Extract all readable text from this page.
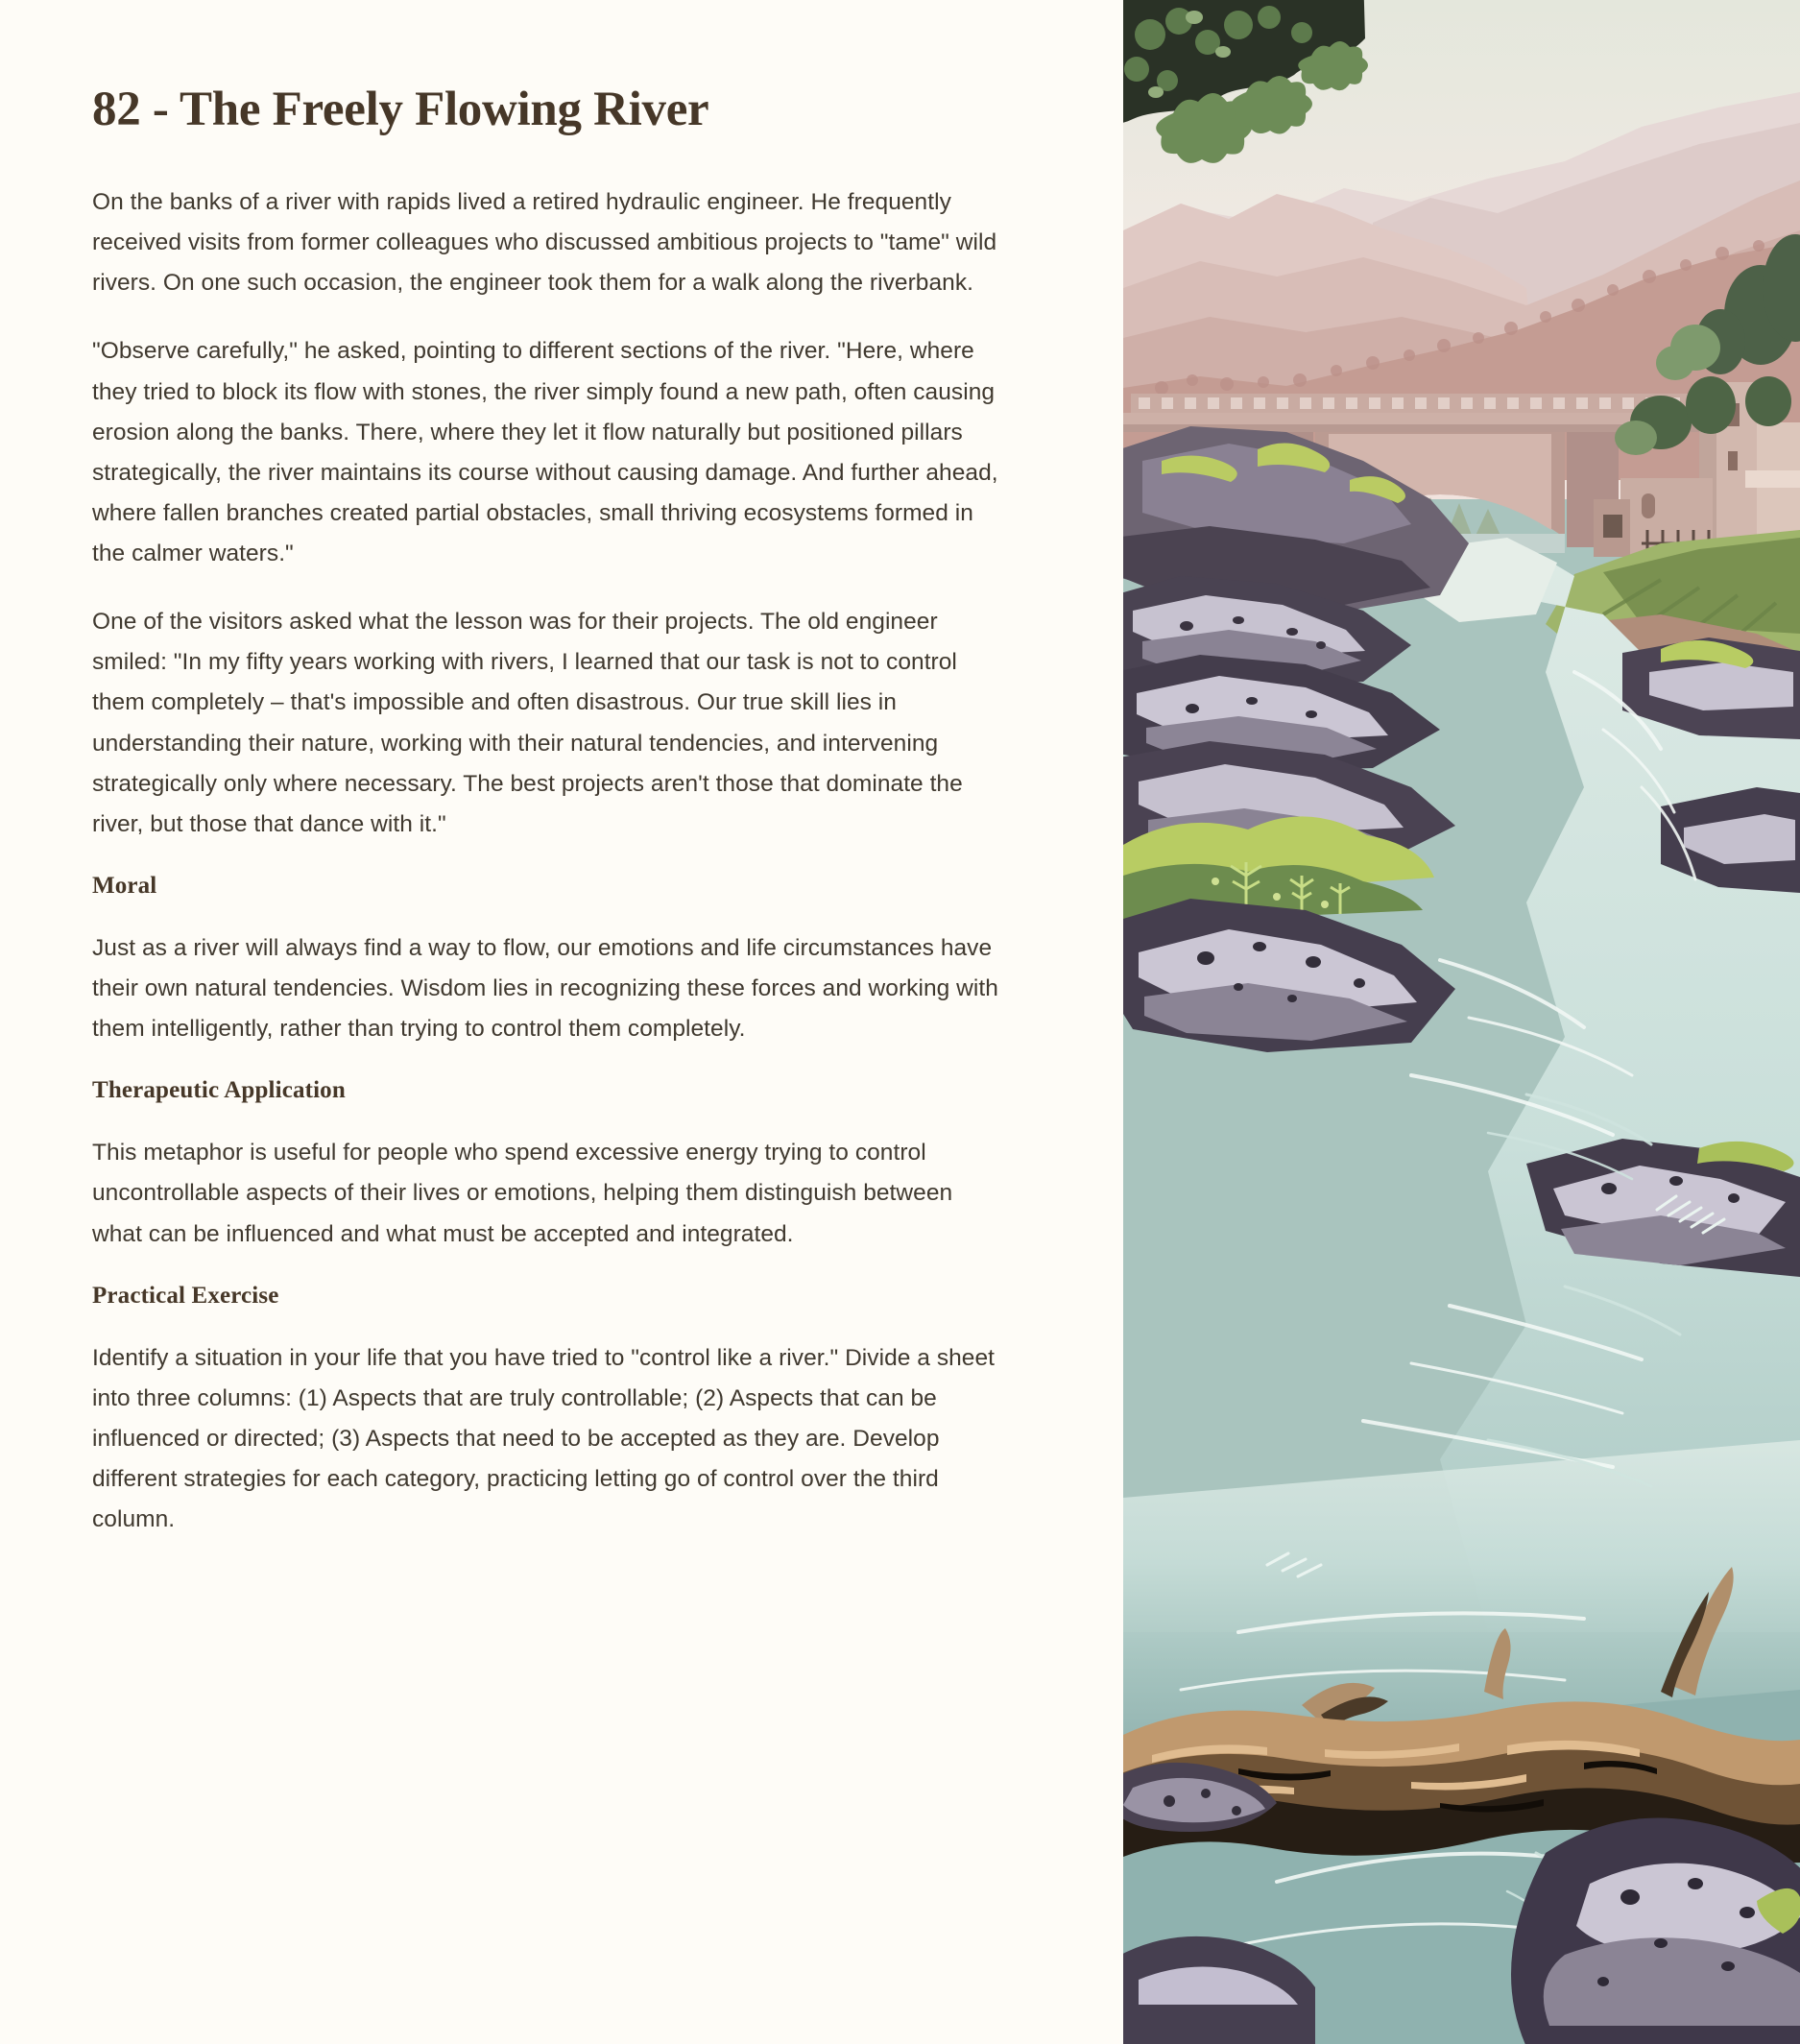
82 - The Freely Flowing River

On the banks of a river with rapids lived a retired hydraulic engineer. He frequently received visits from former colleagues who discussed ambitious projects to "tame" wild rivers. On one such occasion, the engineer took them for a walk along the riverbank.

"Observe carefully," he asked, pointing to different sections of the river. "Here, where they tried to block its flow with stones, the river simply found a new path, often causing erosion along the banks. There, where they let it flow naturally but positioned pillars strategically, the river maintains its course without causing damage. And further ahead, where fallen branches created partial obstacles, small thriving ecosystems formed in the calmer waters."

One of the visitors asked what the lesson was for their projects. The old engineer smiled: "In my fifty years working with rivers, I learned that our task is not to control them completely – that's impossible and often disastrous. Our true skill lies in understanding their nature, working with their natural tendencies, and intervening strategically only where necessary. The best projects aren't those that dominate the river, but those that dance with it."

Moral

Just as a river will always find a way to flow, our emotions and life circumstances have their own natural tendencies. Wisdom lies in recognizing these forces and working with them intelligently, rather than trying to control them completely.

Therapeutic Application

This metaphor is useful for people who spend excessive energy trying to control uncontrollable aspects of their lives or emotions, helping them distinguish between what can be influenced and what must be accepted and integrated.

Practical Exercise

Identify a situation in your life that you have tried to "control like a river." Divide a sheet into three columns: (1) Aspects that are truly controllable; (2) Aspects that can be influenced or directed; (3) Aspects that need to be accepted as they are. Develop different strategies for each category, practicing letting go of control over the third column.
